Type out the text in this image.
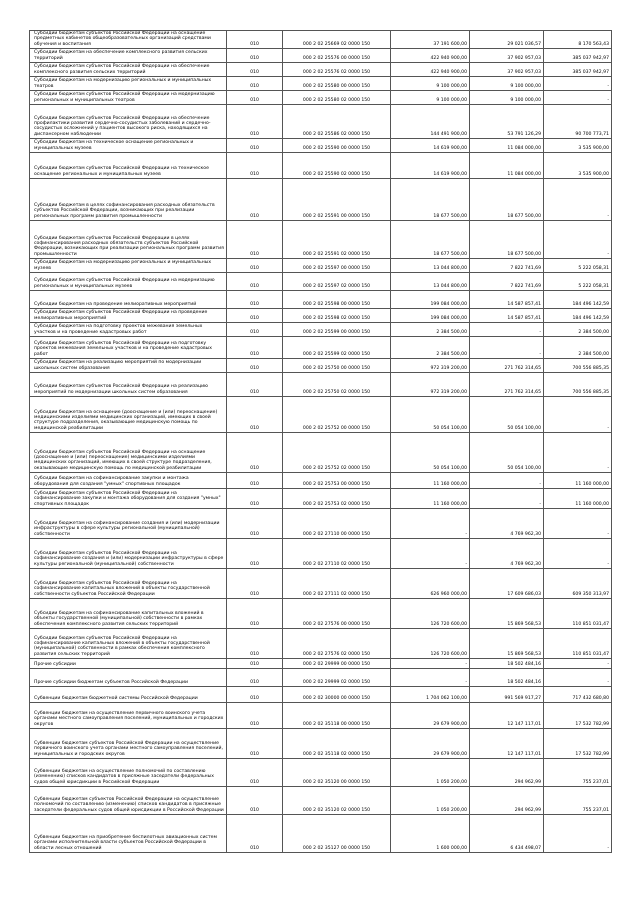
Субсидии бюджетам субъектов Российской Федерации на оснащение предметных кабинетов общеобразовательных организаций средствами обучения и воспитания	010	000 2 02 25669 02 0000 150	37 191 600,00	29 021 036,57	8 170 563,43
Субсидии бюджетам на обеспечение комплексного развития сельских территорий	010	000 2 02 25576 00 0000 150	422 940 900,00	37 902 957,03	385 037 942,97
Субсидии бюджетам субъектов Российской Федерации на обеспечение комплексного развития сельских территорий	010	000 2 02 25576 02 0000 150	422 940 900,00	37 902 957,03	385 037 942,97
Субсидии бюджетам на модернизацию региональных и муниципальных театров	010	000 2 02 25580 00 0000 150	9 100 000,00	9 100 000,00	-
Субсидии бюджетам субъектов Российской Федерации на модернизацию региональных и муниципальных театров	010	000 2 02 25580 02 0000 150	9 100 000,00	9 100 000,00	-
Субсидии бюджетам субъектов Российской Федерации на обеспечение профилактики развития сердечно-сосудистых заболеваний и сердечно-сосудистых осложнений у пациентов высокого риска, находящихся на диспансерном наблюдении	010	000 2 02 25586 02 0000 150	144 491 900,00	53 791 126,29	90 700 773,71
Субсидии бюджетам на техническое оснащение региональных и муниципальных музеев	010	000 2 02 25590 00 0000 150	14 619 900,00	11 084 000,00	3 535 900,00
Субсидии бюджетам субъектов Российской Федерации на техническое оснащение региональных и муниципальных музеев	010	000 2 02 25590 02 0000 150	14 619 900,00	11 084 000,00	3 535 900,00
Субсидии бюджетам в целях софинансирования расходных обязательств субъектов Российской Федерации, возникающих при реализации региональных программ развития промышленности	010	000 2 02 25591 00 0000 150	18 677 500,00	18 677 500,00	-
Субсидии бюджетам субъектов Российской Федерации в целях софинансирования расходных обязательств субъектов Российской Федерации, возникающих при реализации региональных программ развития промышленности	010	000 2 02 25591 02 0000 150	18 677 500,00	18 677 500,00	-
Субсидии бюджетам на модернизацию региональных и муниципальных музеев	010	000 2 02 25597 00 0000 150	13 044 800,00	7 822 741,69	5 222 058,31
Субсидии бюджетам субъектов Российской Федерации на модернизацию региональных и муниципальных музеев	010	000 2 02 25597 02 0000 150	13 044 800,00	7 822 741,69	5 222 058,31
Субсидии бюджетам на проведение мелиоративных мероприятий	010	000 2 02 25598 00 0000 150	199 084 000,00	14 587 857,41	184 496 142,59
Субсидии бюджетам субъектов Российской Федерации на проведение мелиоративных мероприятий	010	000 2 02 25598 02 0000 150	199 084 000,00	14 587 857,41	184 496 142,59
Субсидии бюджетам на подготовку проектов межевания земельных участков и на проведение кадастровых работ	010	000 2 02 25599 00 0000 150	2 384 500,00	-	2 384 500,00
Субсидии бюджетам субъектов Российской Федерации на подготовку проектов межевания земельных участков и на проведение кадастровых работ	010	000 2 02 25599 02 0000 150	2 384 500,00	-	2 384 500,00
Субсидии бюджетам на реализацию мероприятий по модернизации школьных систем образования	010	000 2 02 25750 00 0000 150	972 319 200,00	271 762 314,65	700 556 885,35
Субсидии бюджетам субъектов Российской Федерации на реализацию мероприятий по модернизации школьных систем образования	010	000 2 02 25750 02 0000 150	972 319 200,00	271 762 314,65	700 556 885,35
Субсидии бюджетам на оснащение (дооснащение и (или) переоснащение) медицинскими изделиями медицинских организаций, имеющих в своей структуре подразделения, оказывающие медицинскую помощь по медицинской реабилитации	010	000 2 02 25752 00 0000 150	50 054 100,00	50 054 100,00	-
Субсидии бюджетам субъектов Российской Федерации на оснащение (дооснащение и (или) переоснащение) медицинскими изделиями медицинских организаций, имеющих в своей структуре подразделения, оказывающие медицинскую помощь по медицинской реабилитации	010	000 2 02 25752 02 0000 150	50 054 100,00	50 054 100,00	-
Субсидии бюджетам на софинансирование закупки и монтажа оборудования для создания "умных" спортивных площадок	010	000 2 02 25753 00 0000 150	11 160 000,00	-	11 160 000,00
Субсидии бюджетам субъектов Российской Федерации на софинансирование закупки и монтажа оборудования для создания "умных" спортивных площадок	010	000 2 02 25753 02 0000 150	11 160 000,00	-	11 160 000,00
Субсидии бюджетам на софинансирование создания и (или) модернизации инфраструктуры в сфере культуры региональной (муниципальной) собственности	010	000 2 02 27110 00 0000 150	-	4 769 962,30	-
Субсидии бюджетам субъектов Российской Федерации на софинансирование создания и (или) модернизации инфраструктуры в сфере культуры региональной (муниципальной) собственности	010	000 2 02 27110 02 0000 150	-	4 769 962,30	-
Субсидии бюджетам субъектов Российской Федерации на софинансирование капитальных вложений в объекты государственной собственности субъектов Российской Федерации	010	000 2 02 27111 02 0000 150	626 960 000,00	17 609 686,03	609 350 313,97
Субсидии бюджетам на софинансирование капитальных вложений в объекты государственной (муниципальной) собственности в рамках обеспечения комплексного развития сельских территорий	010	000 2 02 27576 00 0000 150	126 720 600,00	15 869 568,53	110 851 031,47
Субсидии бюджетам субъектов Российской Федерации на софинансирование капитальных вложений в объекты государственной (муниципальной) собственности в рамках обеспечения комплексного развития сельских территорий	010	000 2 02 27576 02 0000 150	126 720 600,00	15 869 568,53	110 851 031,47
Прочие субсидии	010	000 2 02 29999 00 0000 150	-	18 502 484,16	-
Прочие субсидии бюджетам субъектов Российской Федерации	010	000 2 02 29999 02 0000 150	-	18 502 484,16	-
Субвенции бюджетам бюджетной системы Российской Федерации	010	000 2 02 30000 00 0000 150	1 704 062 100,00	991 569 917,27	717 432 680,80
Субвенции бюджетам на осуществление первичного воинского учета органами местного самоуправления поселений, муниципальных и городских округов	010	000 2 02 35118 00 0000 150	29 679 900,00	12 147 117,01	17 532 782,99
Субвенции бюджетам субъектов Российской Федерации на осуществление первичного воинского учета органами местного самоуправления поселений, муниципальных и городских округов	010	000 2 02 35118 02 0000 150	29 679 900,00	12 147 117,01	17 532 782,99
Субвенции бюджетам на осуществление полномочий по составлению (изменению) списков кандидатов в присяжные заседатели федеральных судов общей юрисдикции в Российской Федерации	010	000 2 02 35120 00 0000 150	1 050 200,00	294 962,99	755 237,01
Субвенции бюджетам субъектов Российской Федерации на осуществление полномочий по составлению (изменению) списков кандидатов в присяжные заседатели федеральных судов общей юрисдикции в Российской Федерации	010	000 2 02 35120 02 0000 150	1 050 200,00	294 962,99	755 237,01
Субвенции бюджетам на приобретение беспилотных авиационных систем органами исполнительной власти субъектов Российской Федерации в области лесных отношений	010	000 2 02 35127 00 0000 150	1 600 000,00	6 434 498,07	-
